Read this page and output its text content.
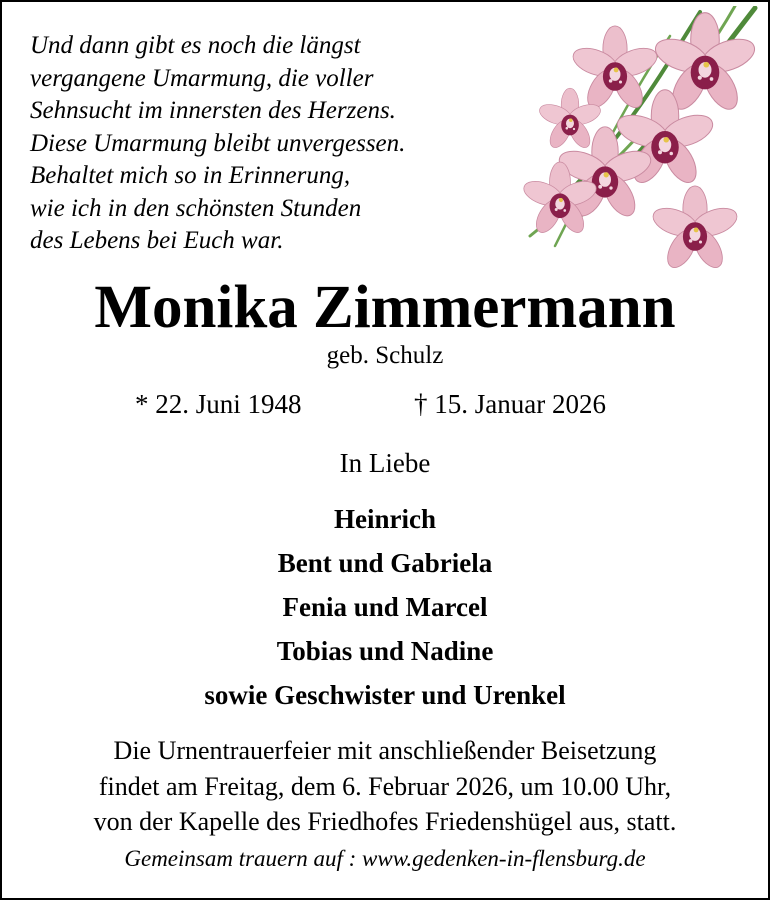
Und dann gibt es noch die längst
vergangene Umarmung, die voller
Sehnsucht im innersten des Herzens.
Diese Umarmung bleibt unvergessen.
Behaltet mich so in Erinnerung,
wie ich in den schönsten Stunden
des Lebens bei Euch war.
Monika Zimmermann
geb. Schulz
* 22. Juni 1948	† 15. Januar 2026
In Liebe
Heinrich
Bent und Gabriela
Fenia und Marcel
Tobias und Nadine
sowie Geschwister und Urenkel
Die Urnentrauerfeier mit anschließender Beisetzung
findet am Freitag, dem 6. Februar 2026, um 10.00 Uhr,
von der Kapelle des Friedhofes Friedenshügel aus, statt.
Gemeinsam trauern auf : www.gedenken-in-flensburg.de
